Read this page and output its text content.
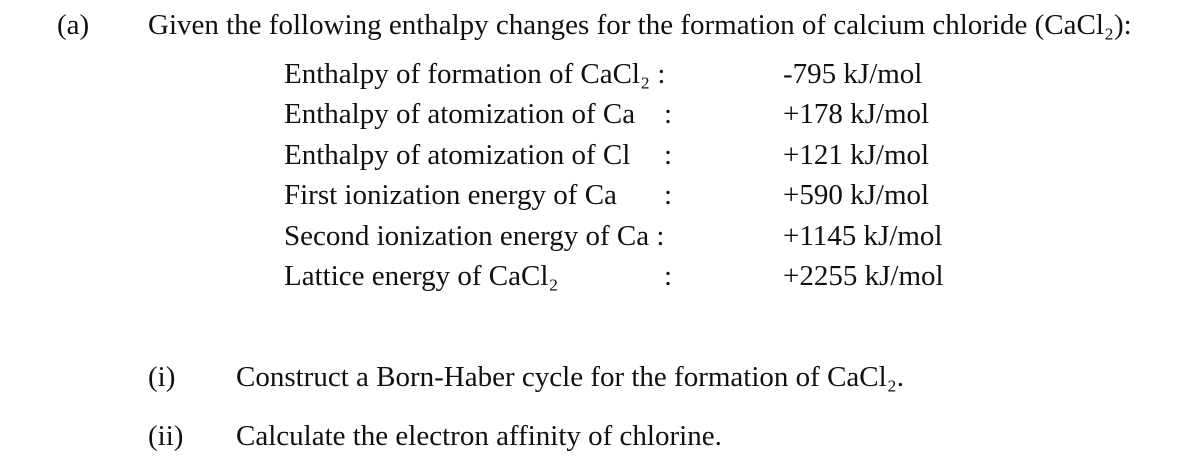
(a) Given the following enthalpy changes for the formation of calcium chloride (CaCl₂):
Enthalpy of formation of CaCl₂ :	-795 kJ/mol
Enthalpy of atomization of Ca :	+178 kJ/mol
Enthalpy of atomization of Cl :	+121 kJ/mol
First ionization energy of Ca :	+590 kJ/mol
Second ionization energy of Ca :	+1145 kJ/mol
Lattice energy of CaCl₂	:	+2255 kJ/mol
(i) Construct a Born-Haber cycle for the formation of CaCl₂.
(ii) Calculate the electron affinity of chlorine.
